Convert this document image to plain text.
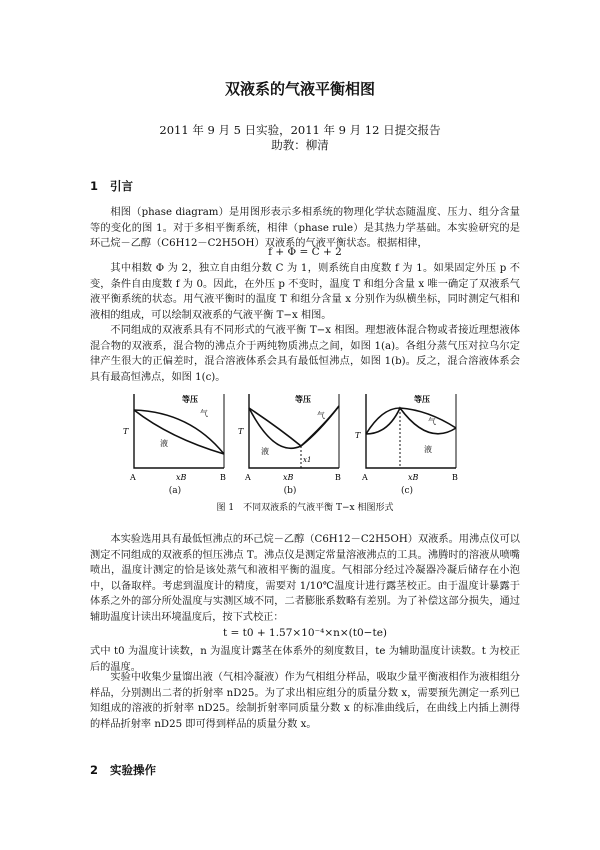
双液系的气液平衡相图
2011 年 9 月 5 日实验，2011 年 9 月 12 日提交报告
助教：柳清
1 引言

相图（phase diagram）是用图形表示多相系统的物理化学状态随温度、压力、组分含量等的变化的图 1。对于多相平衡系统，相律（phase rule）是其热力学基础。本实验研究的是环己烷－乙醇（C6H12－C2H5OH）双液系的气液平衡状态。根据相律，

f + Φ = C + 2

其中相数 Φ 为 2，独立自由组分数 C 为 1，则系统自由度数 f 为 1。如果固定外压 p 不变，条件自由度数 f 为 0。因此，在外压 p 不变时，温度 T 和组分含量 x 唯一确定了双液系气液平衡系统的状态。用气液平衡时的温度 T 和组分含量 x 分别作为纵横坐标，同时测定气相和液相的组成，可以绘制双液系的气液平衡 T−x 相图。

不同组成的双液系具有不同形式的气液平衡 T−x 相图。理想液体混合物或者接近理想液体混合物的双液系，混合物的沸点介于两纯物质沸点之间，如图 1(a)。各组分蒸气压对拉乌尔定律产生很大的正偏差时，混合溶液体系会具有最低恒沸点，如图 1(b)。反之，混合溶液体系会具有最高恒沸点，如图 1(c)。

等压
气
液
T
xB
A	B
(a)
等压
气
液
x1
T
xB
A	B
(b)
等压
气
液
T
xB
A	B
(c)

图 1　不同双液系的气液平衡 T−x 相图形式

本实验选用具有最低恒沸点的环己烷－乙醇（C6H12－C2H5OH）双液系。用沸点仪可以测定不同组成的双液系的恒压沸点 T。沸点仪是测定常量溶液沸点的工具。沸腾时的溶液从喷嘴喷出，温度计测定的恰是该处蒸气和液相平衡的温度。气相部分经过冷凝器冷凝后储存在小泡中，以备取样。考虑到温度计的精度，需要对 1/10℃温度计进行露茎校正。由于温度计暴露于体系之外的部分所处温度与实测区域不同，二者膨胀系数略有差别。为了补偿这部分损失，通过辅助温度计读出环境温度后，按下式校正：

t = t0 + 1.57×10⁻⁴×n×(t0−te)

式中 t0 为温度计读数，n 为温度计露茎在体系外的刻度数目，te 为辅助温度计读数。t 为校正后的温度。

实验中收集少量馏出液（气相冷凝液）作为气相组分样品，吸取少量平衡液相作为液相组分样品，分别测出二者的折射率 nD25。为了求出相应组分的质量分数 x，需要预先测定一系列已知组成的溶液的折射率 nD25。绘制折射率同质量分数 x 的标准曲线后，在曲线上内插上测得的样品折射率 nD25 即可得到样品的质量分数 x。

2 实验操作
